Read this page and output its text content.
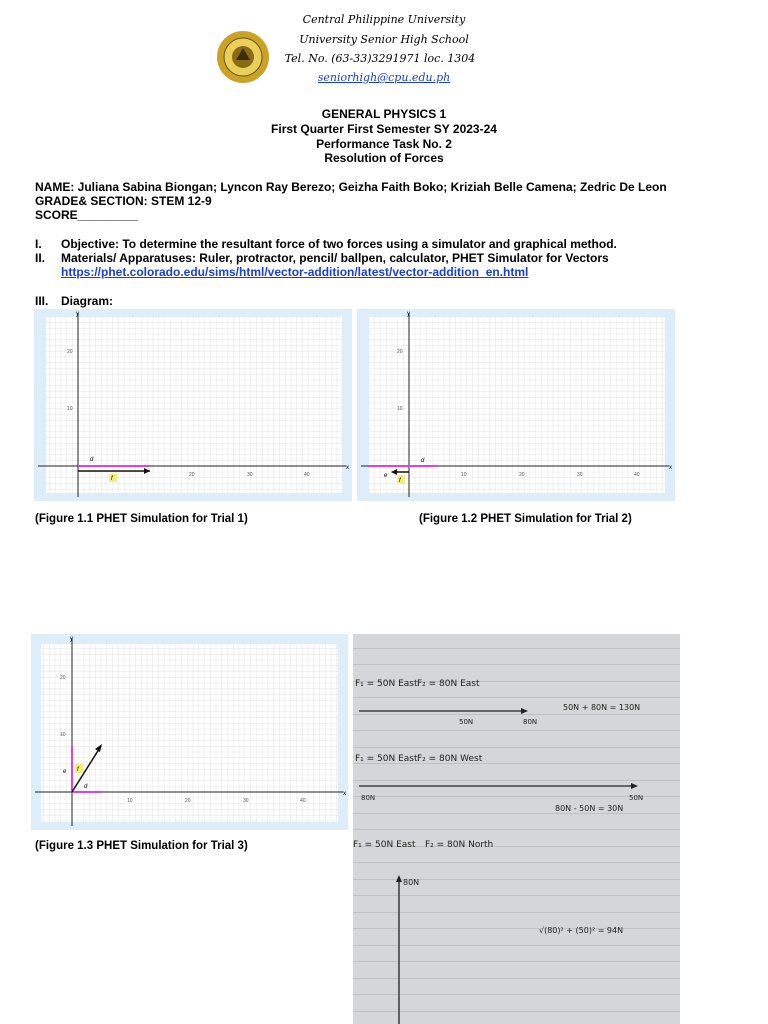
Central Philippine University
University Senior High School
Tel. No. (63-33)3291971 loc. 1304
seniorhigh@cpu.edu.ph
GENERAL PHYSICS 1
First Quarter First Semester SY 2023-24
Performance Task No. 2
Resolution of Forces
NAME: Juliana Sabina Biongan; Lyncon Ray Berezo; Geizha Faith Boko; Kriziah Belle Camena; Zedric De Leon
GRADE& SECTION: STEM 12-9
SCORE_________
I. Objective: To determine the resultant force of two forces using a simulator and graphical method.
II. Materials/ Apparatuses: Ruler, protractor, pencil/ ballpen, calculator, PHET Simulator for Vectors
https://phet.colorado.edu/sims/html/vector-addition/latest/vector-addition_en.html
III. Diagram:
x
y
10
20
20	30	40
d
f
x
y
10
20
10	20	30	40
d
e
f
(Figure 1.1 PHET Simulation for Trial 1)	(Figure 1.2 PHET Simulation for Trial 2)
x
y
10
20
10	20	30	40
e f
d
(Figure 1.3 PHET Simulation for Trial 3)
F₁ = 50N East F₂ = 80N East
50N + 80N = 130N
50N	80N
F₁ = 50N East F₂ = 80N West
80N	50N
80N - 50N = 30N
F₁ = 50N East F₂ = 80N North
80N
√(80)² + (50)² = 94N
